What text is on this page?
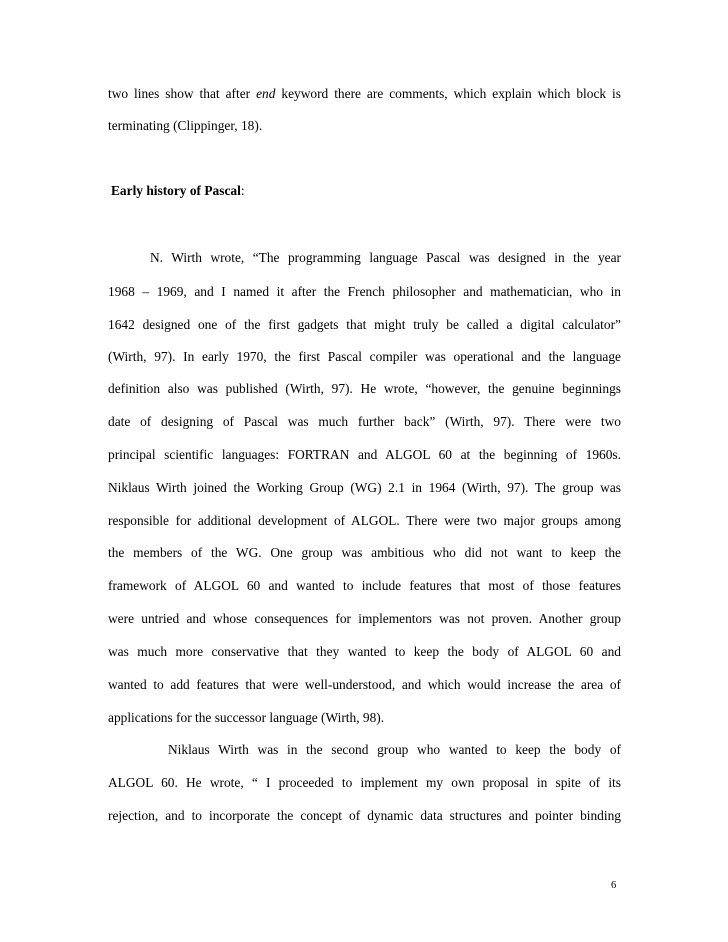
two lines show that after end keyword there are comments, which explain which block is
terminating (Clippinger, 18).
Early history of Pascal:
N. Wirth wrote, “The programming language Pascal was designed in the year
1968 – 1969, and I named it after the French philosopher and mathematician, who in
1642 designed one of the first gadgets that might truly be called a digital calculator”
(Wirth, 97). In early 1970, the first Pascal compiler was operational and the language
definition also was published (Wirth, 97). He wrote, “however, the genuine beginnings
date of designing of Pascal was much further back” (Wirth, 97). There were two
principal scientific languages: FORTRAN and ALGOL 60 at the beginning of 1960s.
Niklaus Wirth joined the Working Group (WG) 2.1 in 1964 (Wirth, 97). The group was
responsible for additional development of ALGOL. There were two major groups among
the members of the WG. One group was ambitious who did not want to keep the
framework of ALGOL 60 and wanted to include features that most of those features
were untried and whose consequences for implementors was not proven. Another group
was much more conservative that they wanted to keep the body of ALGOL 60 and
wanted to add features that were well-understood, and which would increase the area of
applications for the successor language (Wirth, 98).
Niklaus Wirth was in the second group who wanted to keep the body of
ALGOL 60. He wrote, “ I proceeded to implement my own proposal in spite of its
rejection, and to incorporate the concept of dynamic data structures and pointer binding
6
